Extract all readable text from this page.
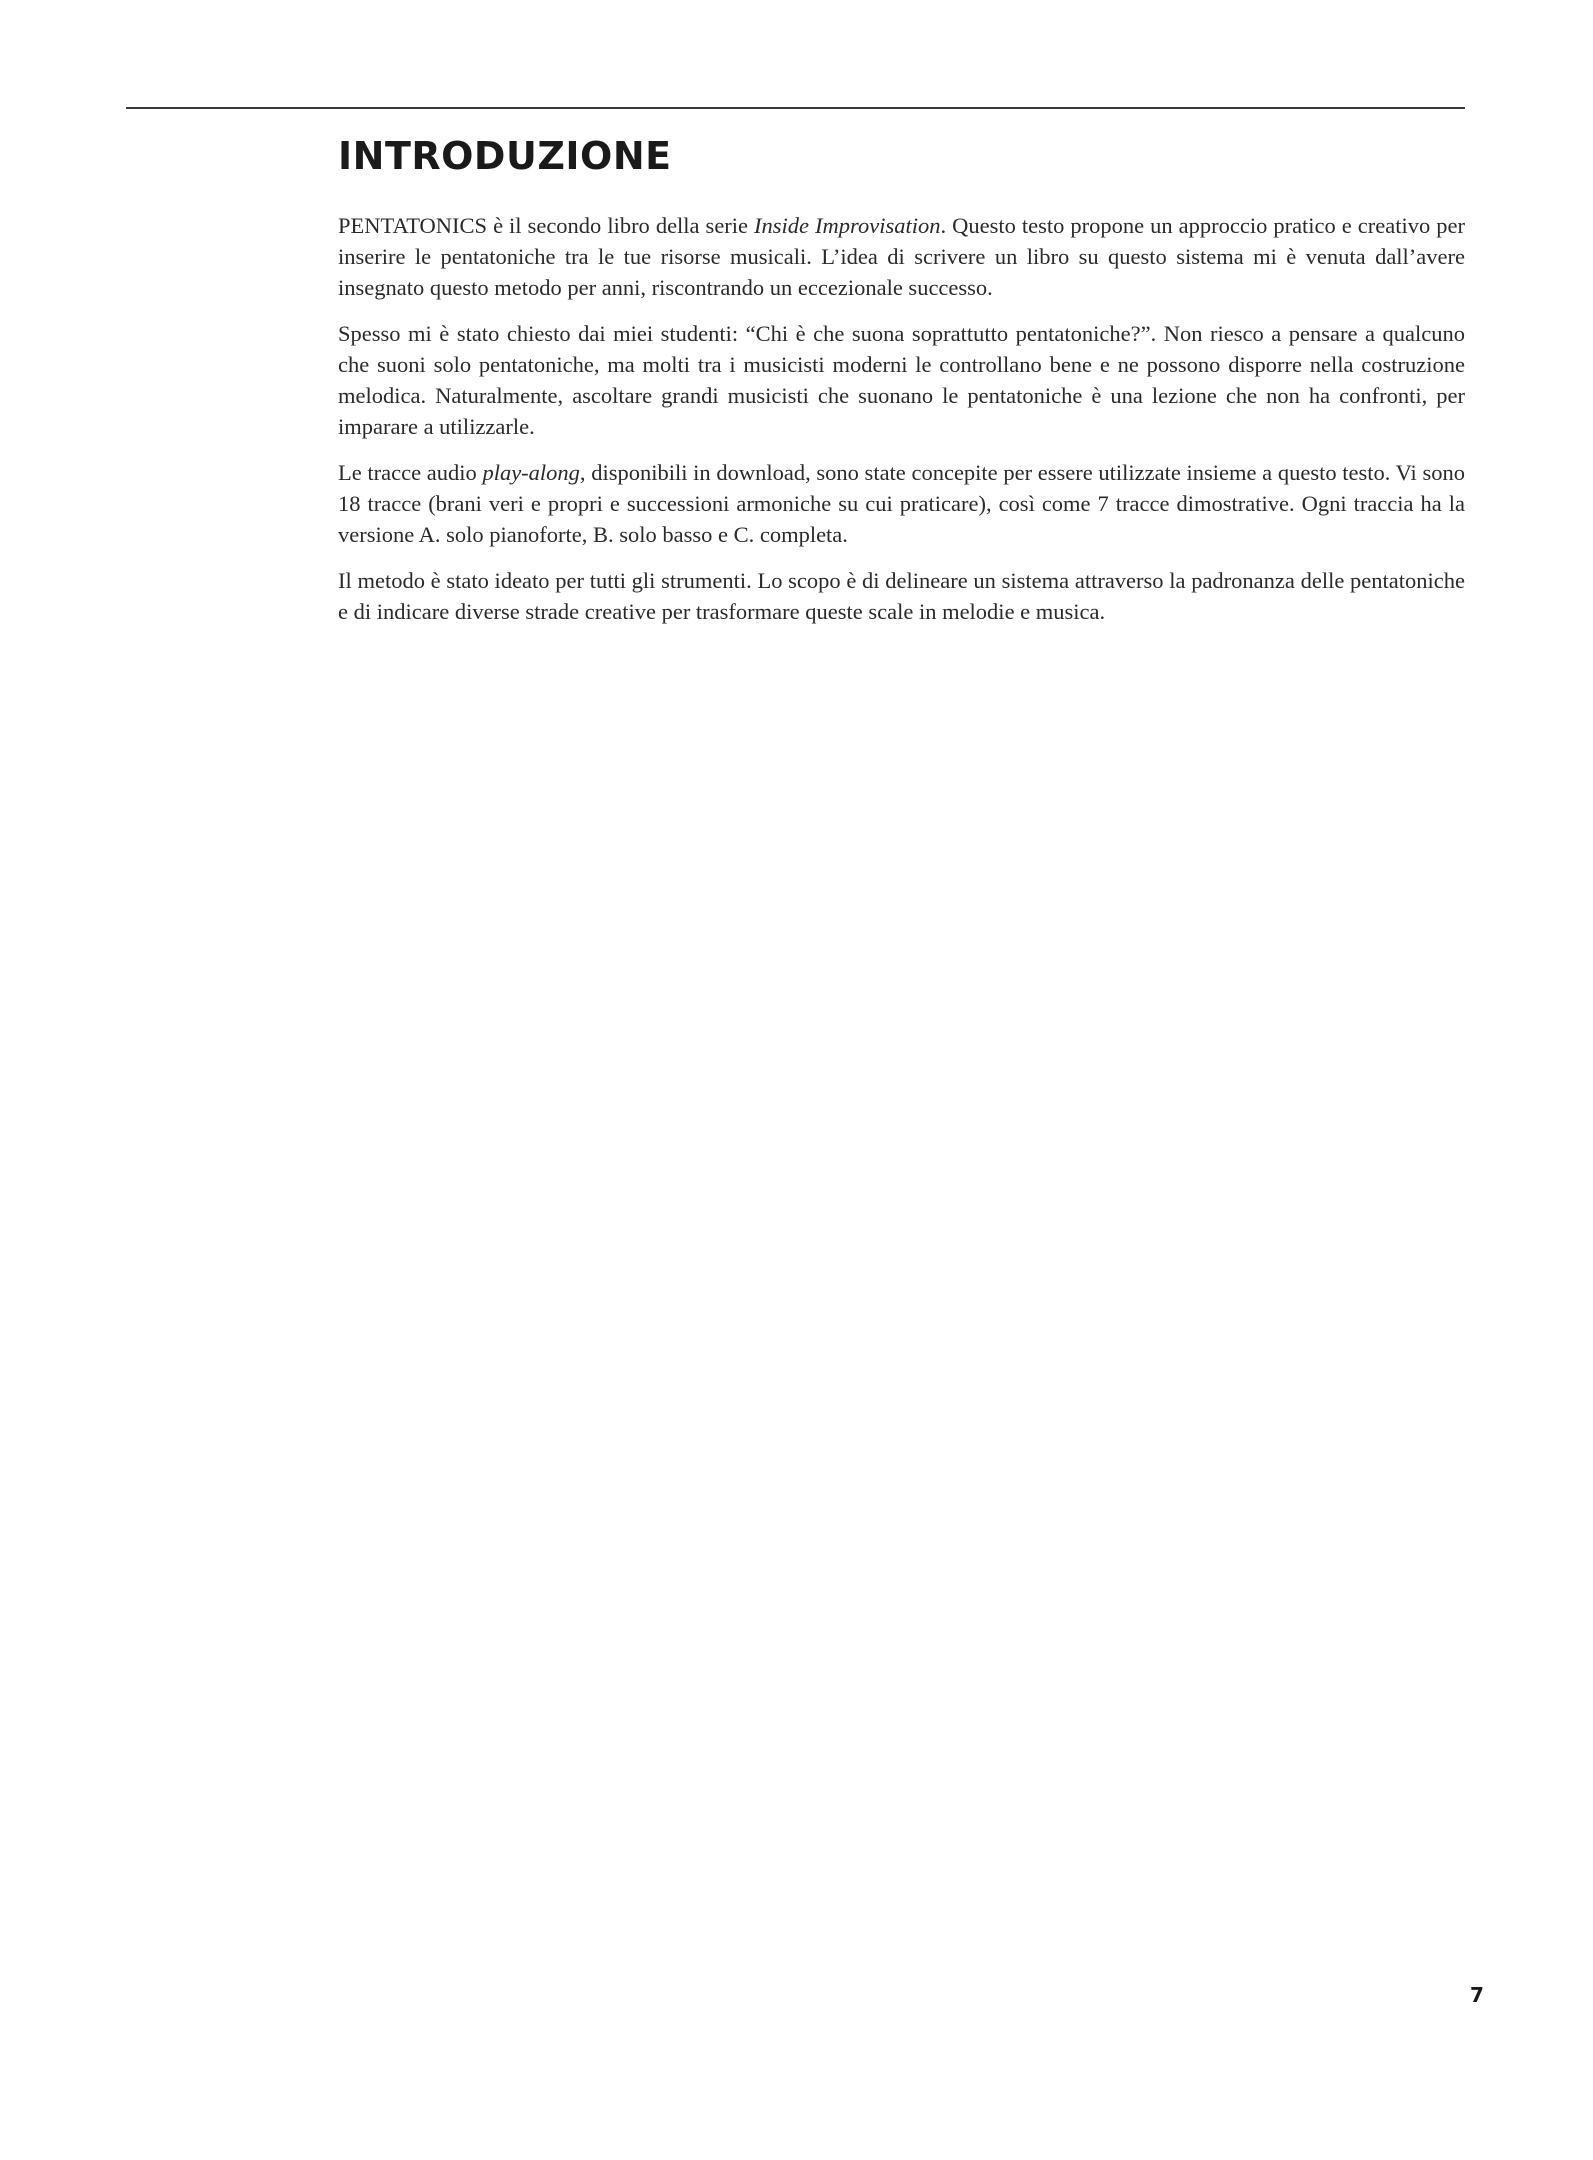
INTRODUZIONE

PENTATONICS è il secondo libro della serie Inside Improvisation. Questo testo propone un approccio pratico e creativo per inserire le pentatoniche tra le tue risorse musicali. L’idea di scrivere un libro su questo sistema mi è venuta dall’avere insegnato questo metodo per anni, riscontrando un eccezionale successo.

Spesso mi è stato chiesto dai miei studenti: “Chi è che suona soprattutto pentatoniche?”. Non riesco a pensare a qualcuno che suoni solo pentatoniche, ma molti tra i musicisti moderni le controllano bene e ne possono disporre nella costruzione melodica. Naturalmente, ascoltare grandi musicisti che suonano le pentatoniche è una lezione che non ha confronti, per imparare a utilizzarle.

Le tracce audio play-along, disponibili in download, sono state concepite per essere utilizzate insieme a questo testo. Vi sono 18 tracce (brani veri e propri e successioni armoniche su cui praticare), così come 7 tracce dimostrative. Ogni traccia ha la versione A. solo pianoforte, B. solo basso e C. completa.

Il metodo è stato ideato per tutti gli strumenti. Lo scopo è di delineare un sistema attraverso la padronanza delle pentatoniche e di indicare diverse strade creative per trasformare queste scale in melodie e musica.

7
